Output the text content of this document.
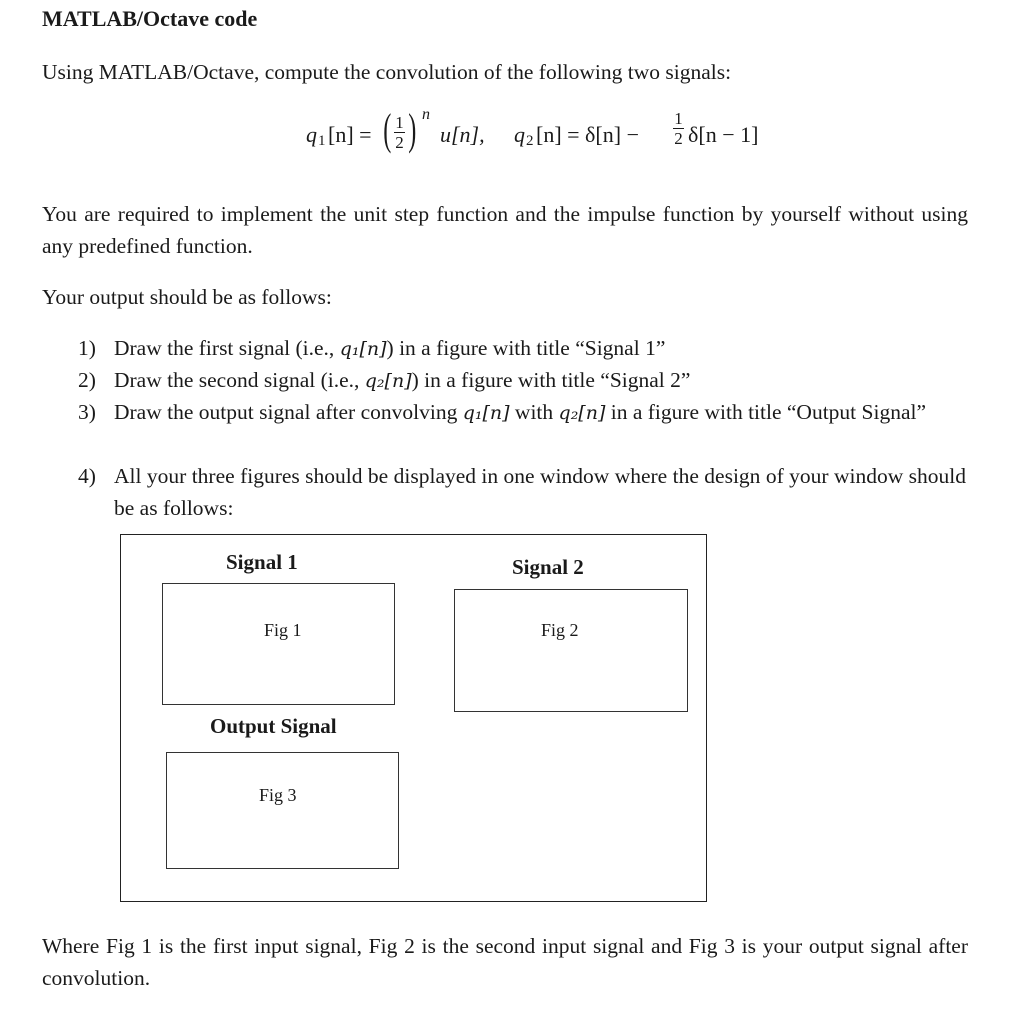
MATLAB/Octave code
Using MATLAB/Octave, compute the convolution of the following two signals:
q 1 [n] = ( 1
2 ) n
u[n], q 2 [n] = δ[n] −
1
2 δ[n − 1]
You are required to implement the unit step function and the impulse function by yourself without using any predefined function.
Your output should be as follows:
1) Draw the first signal (i.e., q₁[n]) in a figure with title “Signal 1”
2) Draw the second signal (i.e., q₂[n]) in a figure with title “Signal 2”
3) Draw the output signal after convolving q₁[n] with q₂[n] in a figure with title “Output Signal”
4) All your three figures should be displayed in one window where the design of your window should be as follows:
Signal 1	Signal 2
Fig 1	Fig 2
Output Signal
Fig 3
Where Fig 1 is the first input signal, Fig 2 is the second input signal and Fig 3 is your output signal after convolution.
